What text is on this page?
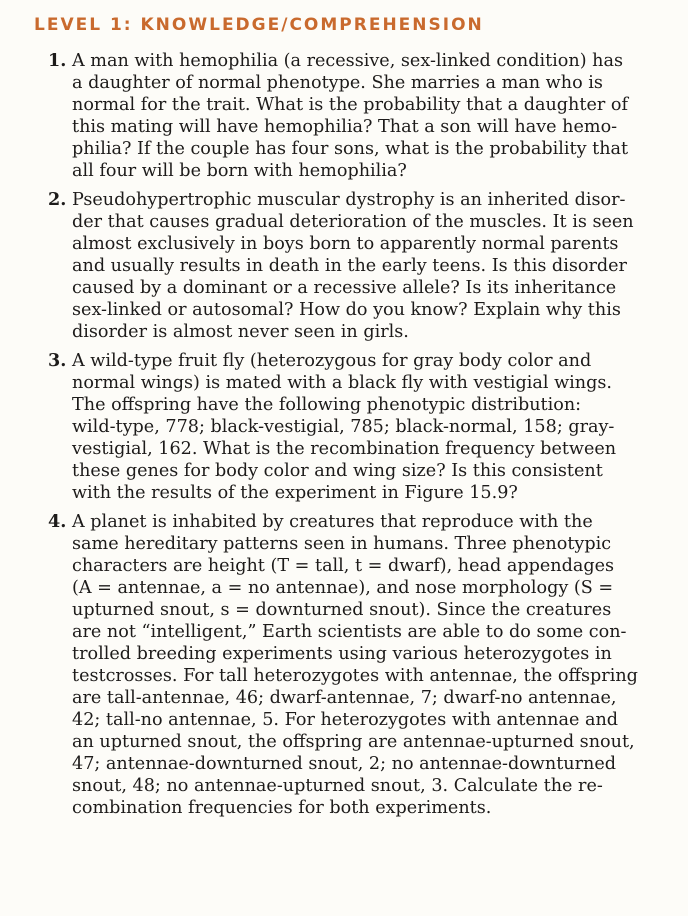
LEVEL 1: KNOWLEDGE/COMPREHENSION
1. A man with hemophilia (a recessive, sex-linked condition) has
a daughter of normal phenotype. She marries a man who is
normal for the trait. What is the probability that a daughter of
this mating will have hemophilia? That a son will have hemo-
philia? If the couple has four sons, what is the probability that
all four will be born with hemophilia?
2. Pseudohypertrophic muscular dystrophy is an inherited disor-
der that causes gradual deterioration of the muscles. It is seen
almost exclusively in boys born to apparently normal parents
and usually results in death in the early teens. Is this disorder
caused by a dominant or a recessive allele? Is its inheritance
sex-linked or autosomal? How do you know? Explain why this
disorder is almost never seen in girls.
3. A wild-type fruit fly (heterozygous for gray body color and
normal wings) is mated with a black fly with vestigial wings.
The offspring have the following phenotypic distribution:
wild-type, 778; black-vestigial, 785; black-normal, 158; gray-
vestigial, 162. What is the recombination frequency between
these genes for body color and wing size? Is this consistent
with the results of the experiment in Figure 15.9?
4. A planet is inhabited by creatures that reproduce with the
same hereditary patterns seen in humans. Three phenotypic
characters are height (T = tall, t = dwarf), head appendages
(A = antennae, a = no antennae), and nose morphology (S =
upturned snout, s = downturned snout). Since the creatures
are not “intelligent,” Earth scientists are able to do some con-
trolled breeding experiments using various heterozygotes in
testcrosses. For tall heterozygotes with antennae, the offspring
are tall-antennae, 46; dwarf-antennae, 7; dwarf-no antennae,
42; tall-no antennae, 5. For heterozygotes with antennae and
an upturned snout, the offspring are antennae-upturned snout,
47; antennae-downturned snout, 2; no antennae-downturned
snout, 48; no antennae-upturned snout, 3. Calculate the re-
combination frequencies for both experiments.
